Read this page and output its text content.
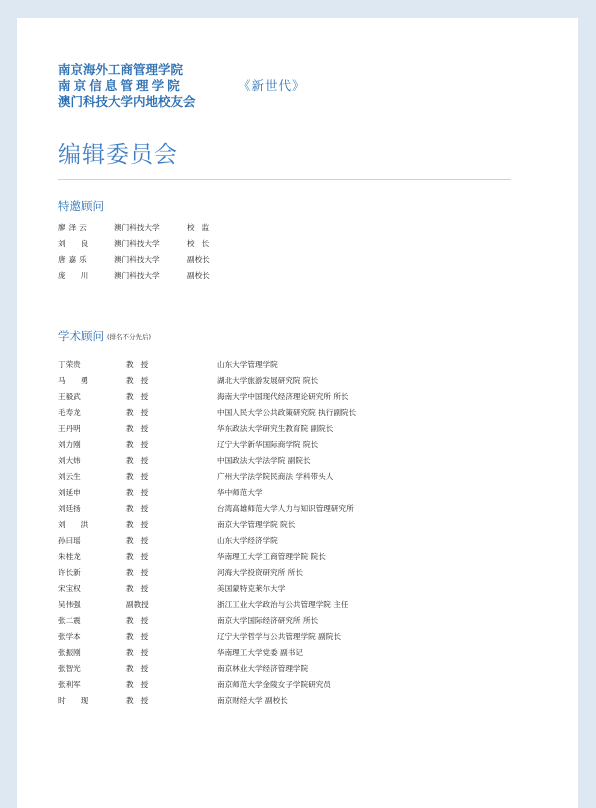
南京海外工商管理学院
南京信息管理学院	《新世代》
澳门科技大学内地校友会
编辑委员会
特邀顾问
廖泽云	澳门科技大学	校监
刘良 澳门科技大学	校长
唐嘉乐	澳门科技大学	副校长
庞川 澳门科技大学	副校长
学术顾问 (排名不分先后)
丁荣贵	教授	山东大学管理学院
马勇	教授	湖北大学旅游发展研究院 院长
王毅武	教授	海南大学中国现代经济理论研究所 所长
毛寿龙	教授	中国人民大学公共政策研究院 执行副院长
王丹明	教授	华东政法大学研究生教育院 副院长
刘力刚	教授	辽宁大学新华国际商学院 院长
刘大炜	教授	中国政法大学法学院 副院长
刘云生	教授	广州大学法学院民商法 学科带头人
刘延申	教授	华中师范大学
刘廷扬	教授	台湾高雄师范大学人力与知识管理研究所
刘洪	教授	南京大学管理学院 院长
孙曰瑶	教授	山东大学经济学院
朱桂龙	教授	华南理工大学工商管理学院 院长
许长新	教授	河海大学投资研究所 所长
宋宝权	教授	美国蒙特克莱尔大学
吴伟强	副教授	浙江工业大学政治与公共管理学院 主任
张二震	教授	南京大学国际经济研究所 所长
张学本	教授	辽宁大学哲学与公共管理学院 副院长
张振刚	教授	华南理工大学党委 副书记
张智光	教授	南京林业大学经济管理学院
张利军	教授	南京师范大学金陵女子学院研究员
时现	教授	南京财经大学 副校长
